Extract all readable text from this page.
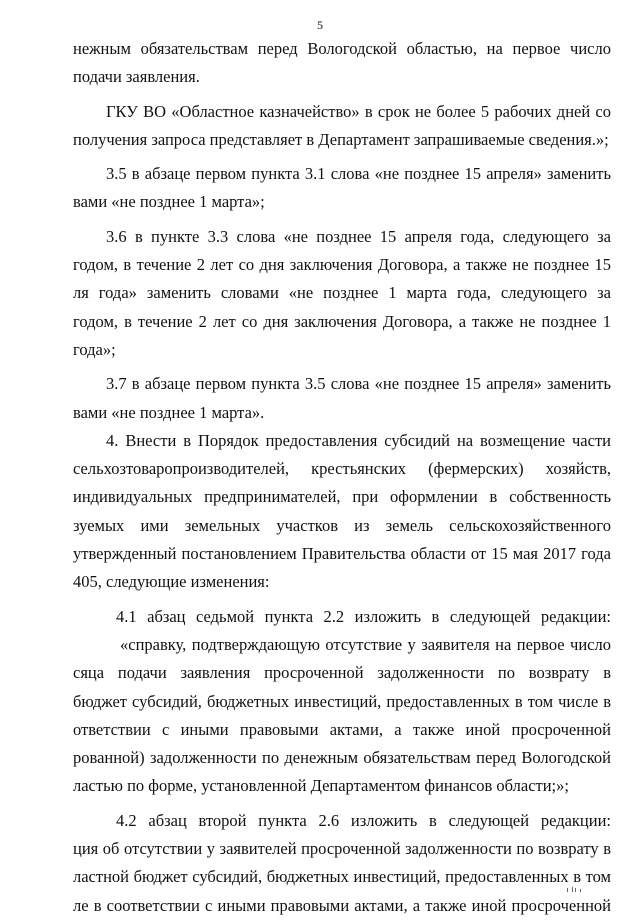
5
нежным обязательствам перед Вологодской областью, на первое число
подачи заявления.
ГКУ ВО «Областное казначейство» в срок не более 5 рабочих дней со
получения запроса представляет в Департамент запрашиваемые сведения.»;
3.5 в абзаце первом пункта 3.1 слова «не позднее 15 апреля» заменить
вами «не позднее 1 марта»;
3.6 в пункте 3.3 слова «не позднее 15 апреля года, следующего за
годом, в течение 2 лет со дня заключения Договора, а также не позднее 15
ля года» заменить словами «не позднее 1 марта года, следующего за
годом, в течение 2 лет со дня заключения Договора, а также не позднее 1
года»;
3.7 в абзаце первом пункта 3.5 слова «не позднее 15 апреля» заменить
вами «не позднее 1 марта».
4. Внести в Порядок предоставления субсидий на возмещение части
сельхозтоваропроизводителей, крестьянских (фермерских) хозяйств,
индивидуальных предпринимателей, при оформлении в собственность
зуемых ими земельных участков из земель сельскохозяйственного
утвержденный постановлением Правительства области от 15 мая 2017 года
405, следующие изменения:
4.1 абзац седьмой пункта 2.2 изложить в следующей редакции:
«справку, подтверждающую отсутствие у заявителя на первое число
сяца подачи заявления просроченной задолженности по возврату в
бюджет субсидий, бюджетных инвестиций, предоставленных в том числе в
ответствии с иными правовыми актами, а также иной просроченной
рованной) задолженности по денежным обязательствам перед Вологодской
ластью по форме, установленной Департаментом финансов области;»;
4.2 абзац второй пункта 2.6 изложить в следующей редакции:
ция об отсутствии у заявителей просроченной задолженности по возврату в
ластной бюджет субсидий, бюджетных инвестиций, предоставленных в том
ле в соответствии с иными правовыми актами, а также иной просроченной
